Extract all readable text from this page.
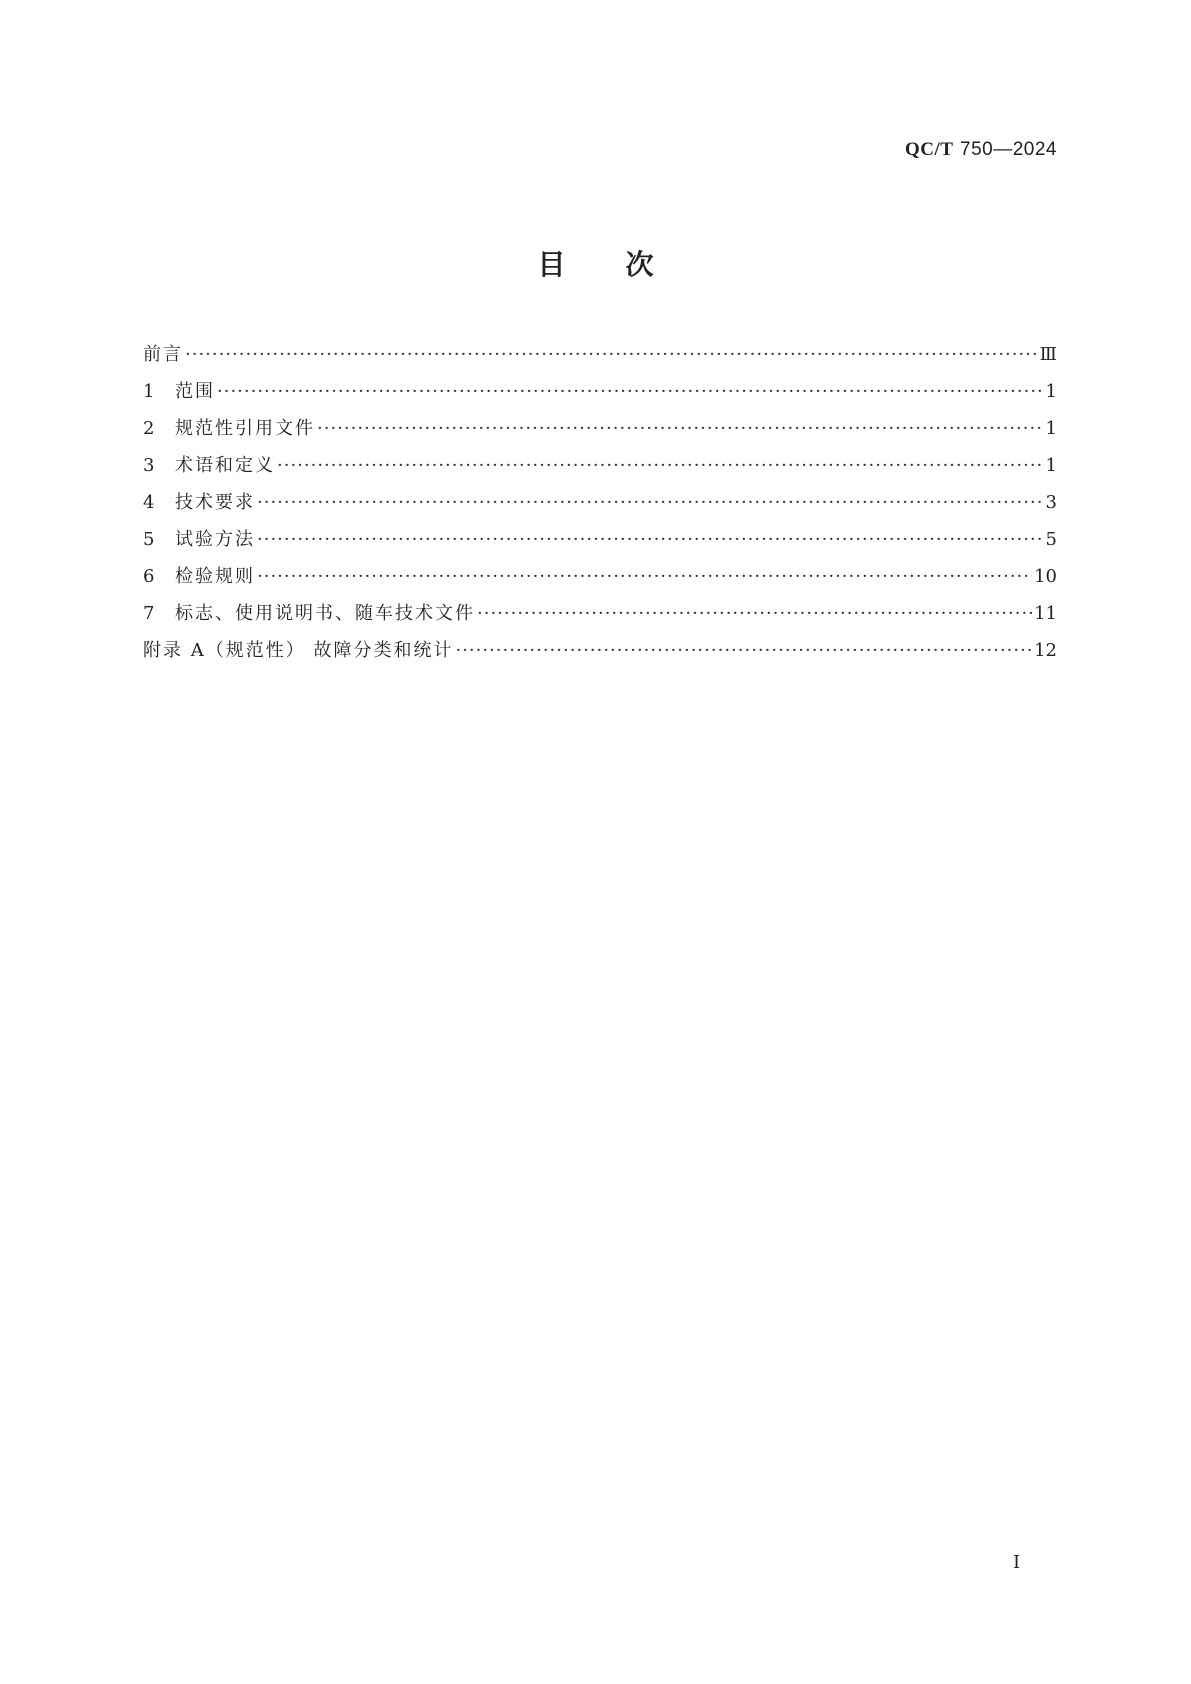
QC/T 750—2024
目次
前言 ·····	Ⅲ
1	范围 ·····	1
2	规范性引用文件 ·····	1
3	术语和定义 ·····	1
4	技术要求 ·····	3
5	试验方法 ·····	5
6	检验规则 ·····	10
7	标志、使用说明书、随车技术文件 ·····	11
附录 A（规范性） 故障分类和统计 ·····	12
Ⅰ
